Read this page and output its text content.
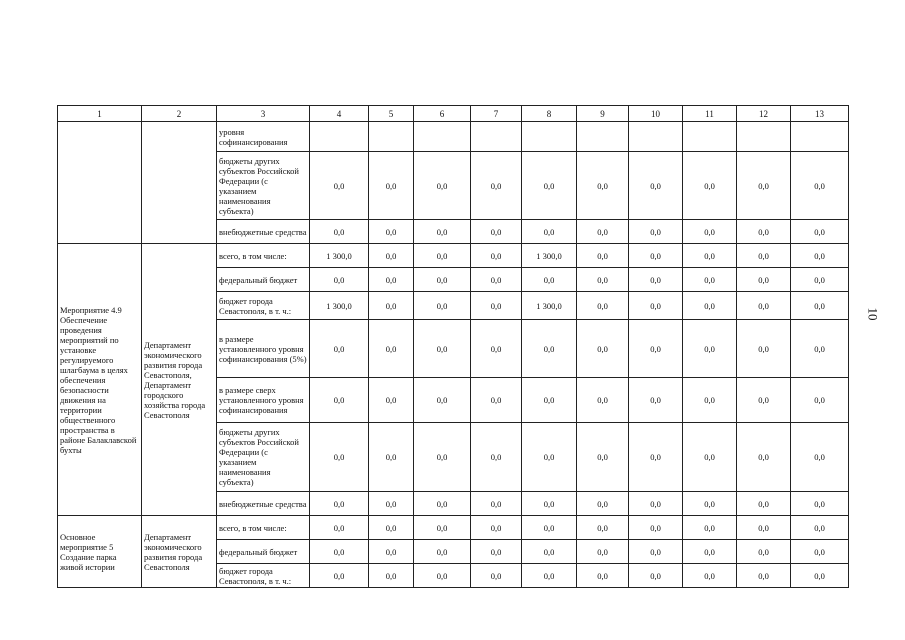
10
1	2	3	4	5	6	7	8	9	10	11	12	13
		уровня софинансирования										
		бюджеты других субъектов Российской Федерации (с указанием наименования субъекта)	0,0	0,0	0,0	0,0	0,0	0,0	0,0	0,0	0,0	0,0
		внебюджетные средства	0,0	0,0	0,0	0,0	0,0	0,0	0,0	0,0	0,0	0,0
Мероприятие 4.9 Обеспечение проведения мероприятий по установке регулируемого шлагбаума в целях обеспечения безопасности движения на территории общественного пространства в районе Балаклавской бухты	Департамент экономического развития города Севастополя, Департамент городского хозяйства города Севастополя	всего, в том числе:	1 300,0	0,0	0,0	0,0	1 300,0	0,0	0,0	0,0	0,0	0,0
		федеральный бюджет	0,0	0,0	0,0	0,0	0,0	0,0	0,0	0,0	0,0	0,0
		бюджет города Севастополя, в т. ч.:	1 300,0	0,0	0,0	0,0	1 300,0	0,0	0,0	0,0	0,0	0,0
		в размере установленного уровня софинансирования (5%)	0,0	0,0	0,0	0,0	0,0	0,0	0,0	0,0	0,0	0,0
		в размере сверх установленного уровня софинансирования	0,0	0,0	0,0	0,0	0,0	0,0	0,0	0,0	0,0	0,0
		бюджеты других субъектов Российской Федерации (с указанием наименования субъекта)	0,0	0,0	0,0	0,0	0,0	0,0	0,0	0,0	0,0	0,0
		внебюджетные средства	0,0	0,0	0,0	0,0	0,0	0,0	0,0	0,0	0,0	0,0
Основное мероприятие 5 Создание парка живой истории	Департамент экономического развития города Севастополя	всего, в том числе:	0,0	0,0	0,0	0,0	0,0	0,0	0,0	0,0	0,0	0,0
		федеральный бюджет	0,0	0,0	0,0	0,0	0,0	0,0	0,0	0,0	0,0	0,0
		бюджет города Севастополя, в т. ч.:	0,0	0,0	0,0	0,0	0,0	0,0	0,0	0,0	0,0	0,0
